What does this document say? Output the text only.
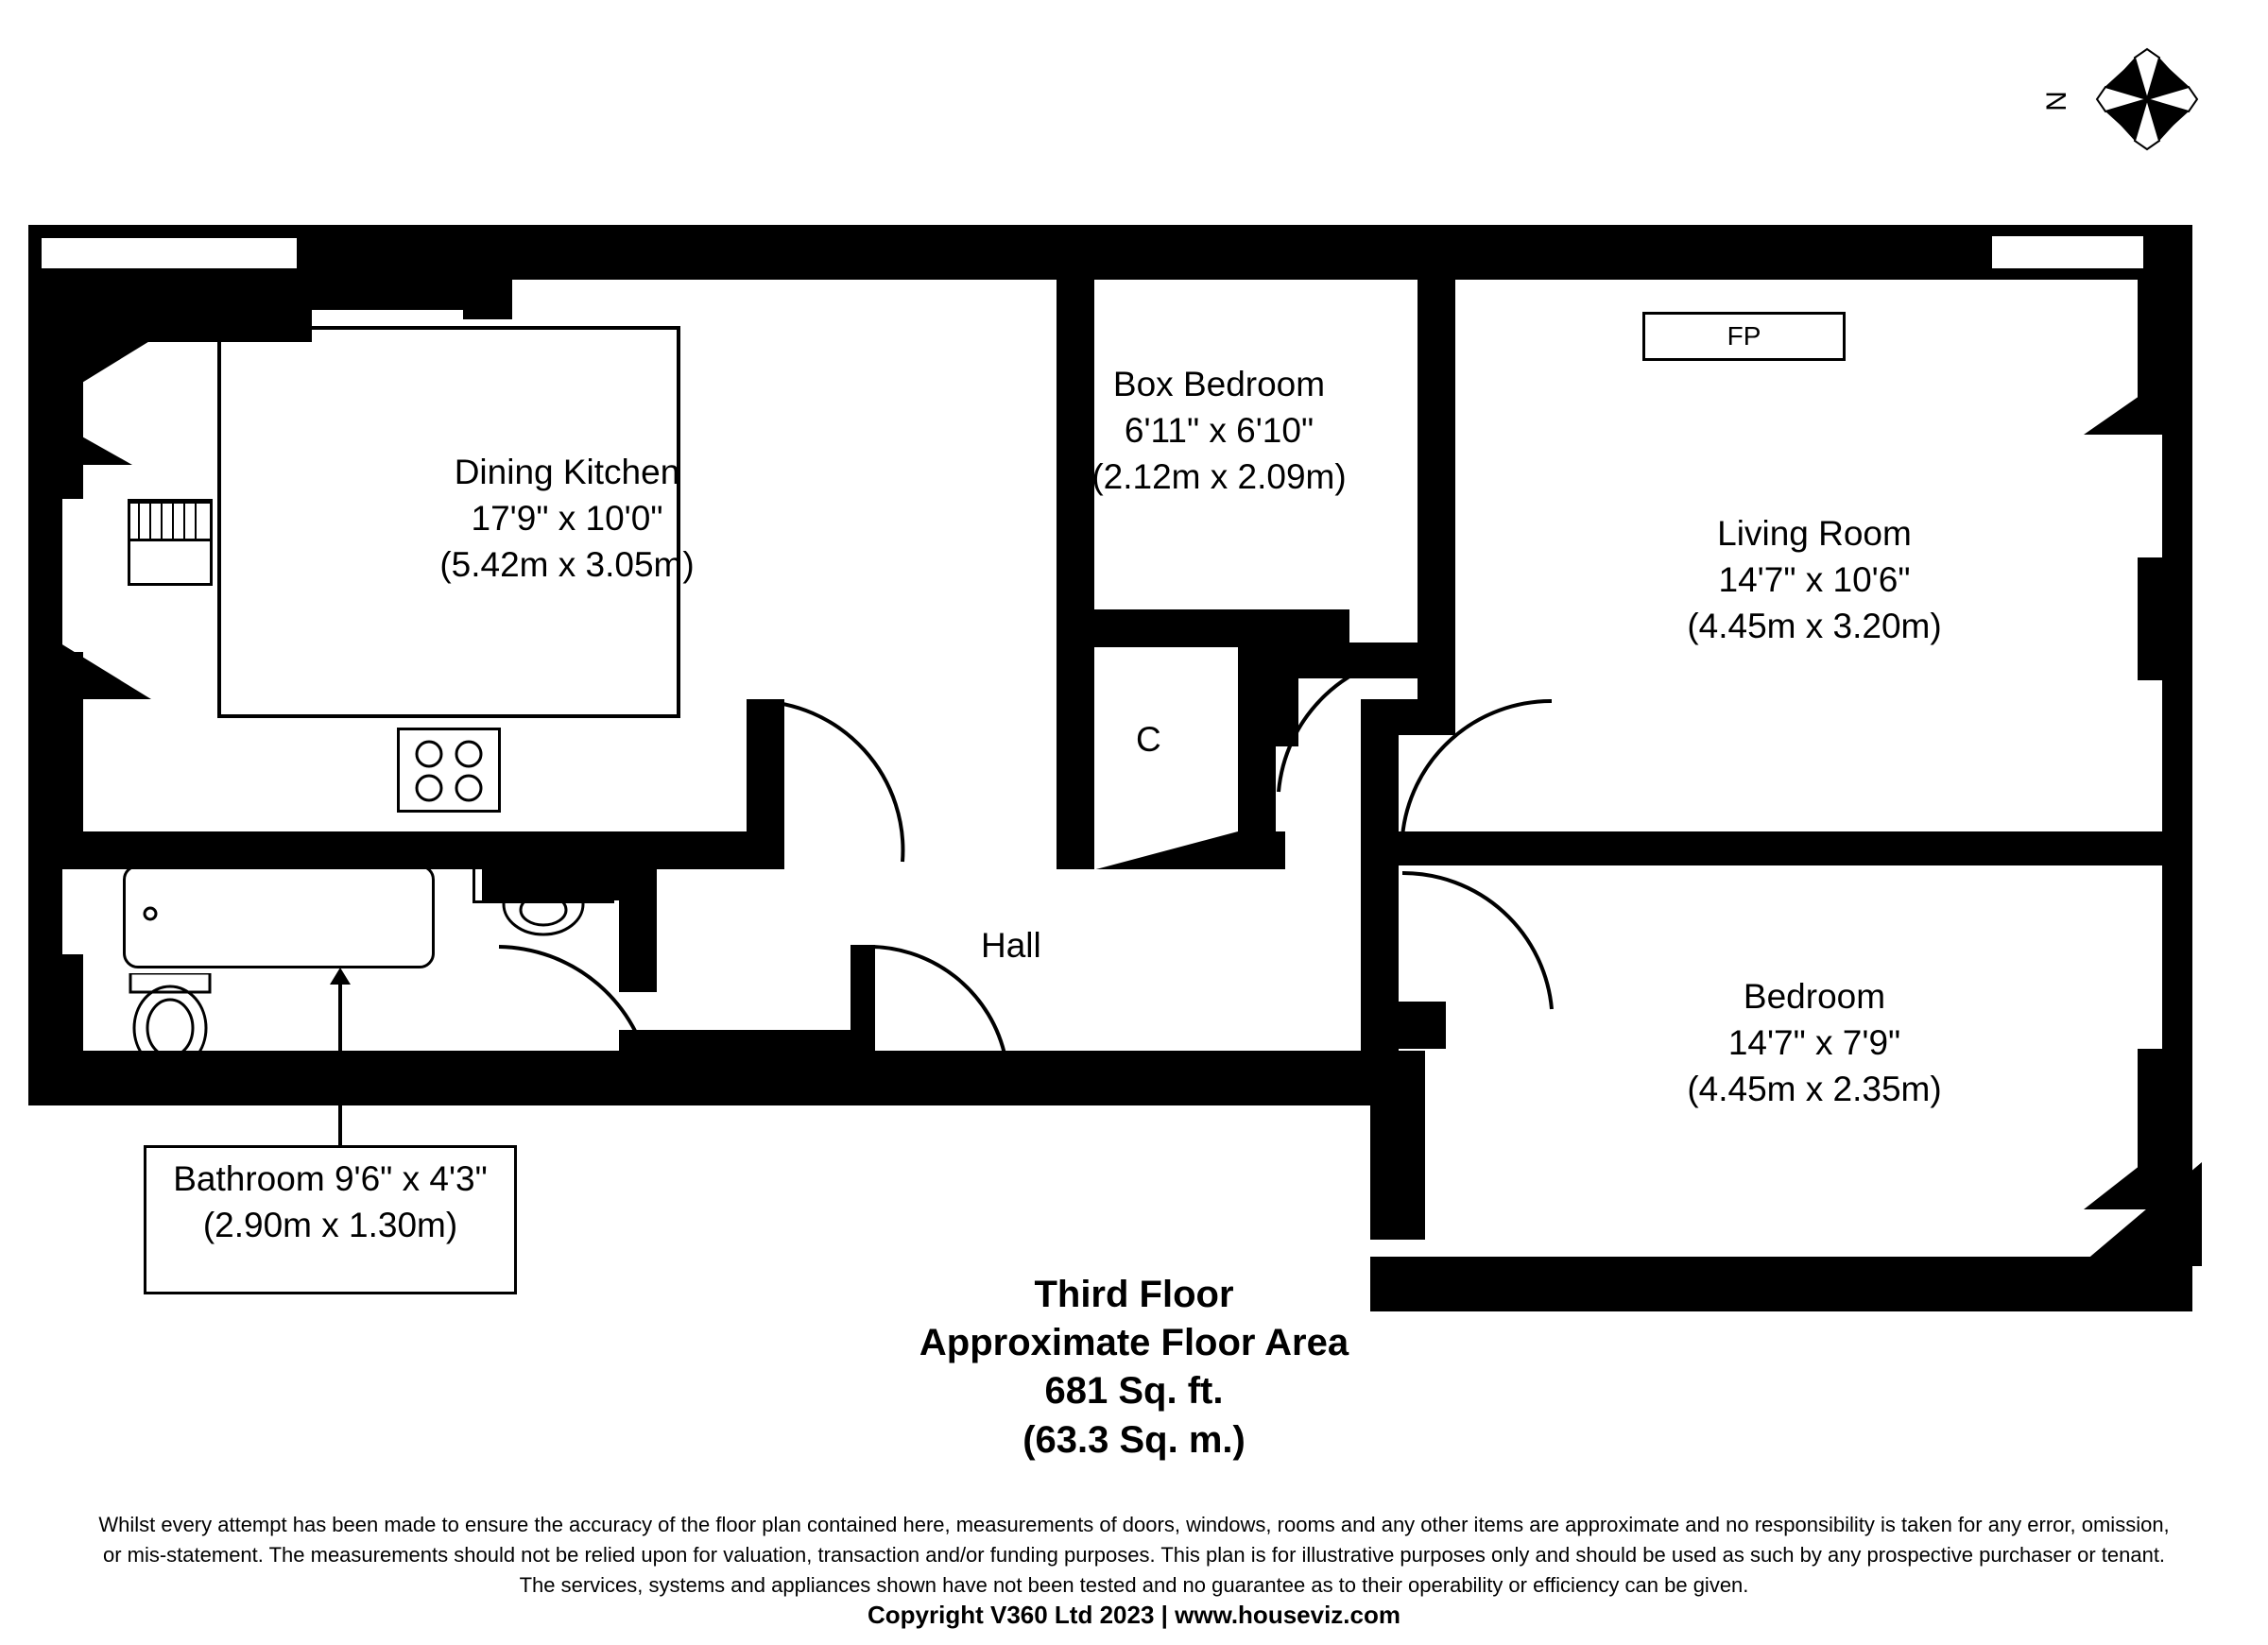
N
FP
Dining Kitchen
17'9" x 10'0"
(5.42m x 3.05m)
Box Bedroom
6'11" x 6'10"
(2.12m x 2.09m)
Living Room
14'7" x 10'6"
(4.45m x 3.20m)
Bedroom
14'7" x 7'9"
(4.45m x 2.35m)
Bathroom 9'6" x 4'3" (2.90m x 1.30m)
C
Hall
Third Floor
Approximate Floor Area
681 Sq. ft.
(63.3 Sq. m.)
Whilst every attempt has been made to ensure the accuracy of the floor plan contained here, measurements of doors, windows, rooms and any other items are approximate and no responsibility is taken for any error, omission,
or mis-statement. The measurements should not be relied upon for valuation, transaction and/or funding purposes. This plan is for illustrative purposes only and should be used as such by any prospective purchaser or tenant.
The services, systems and appliances shown have not been tested and no guarantee as to their operability or efficiency can be given.
Copyright V360 Ltd 2023 | www.houseviz.com
